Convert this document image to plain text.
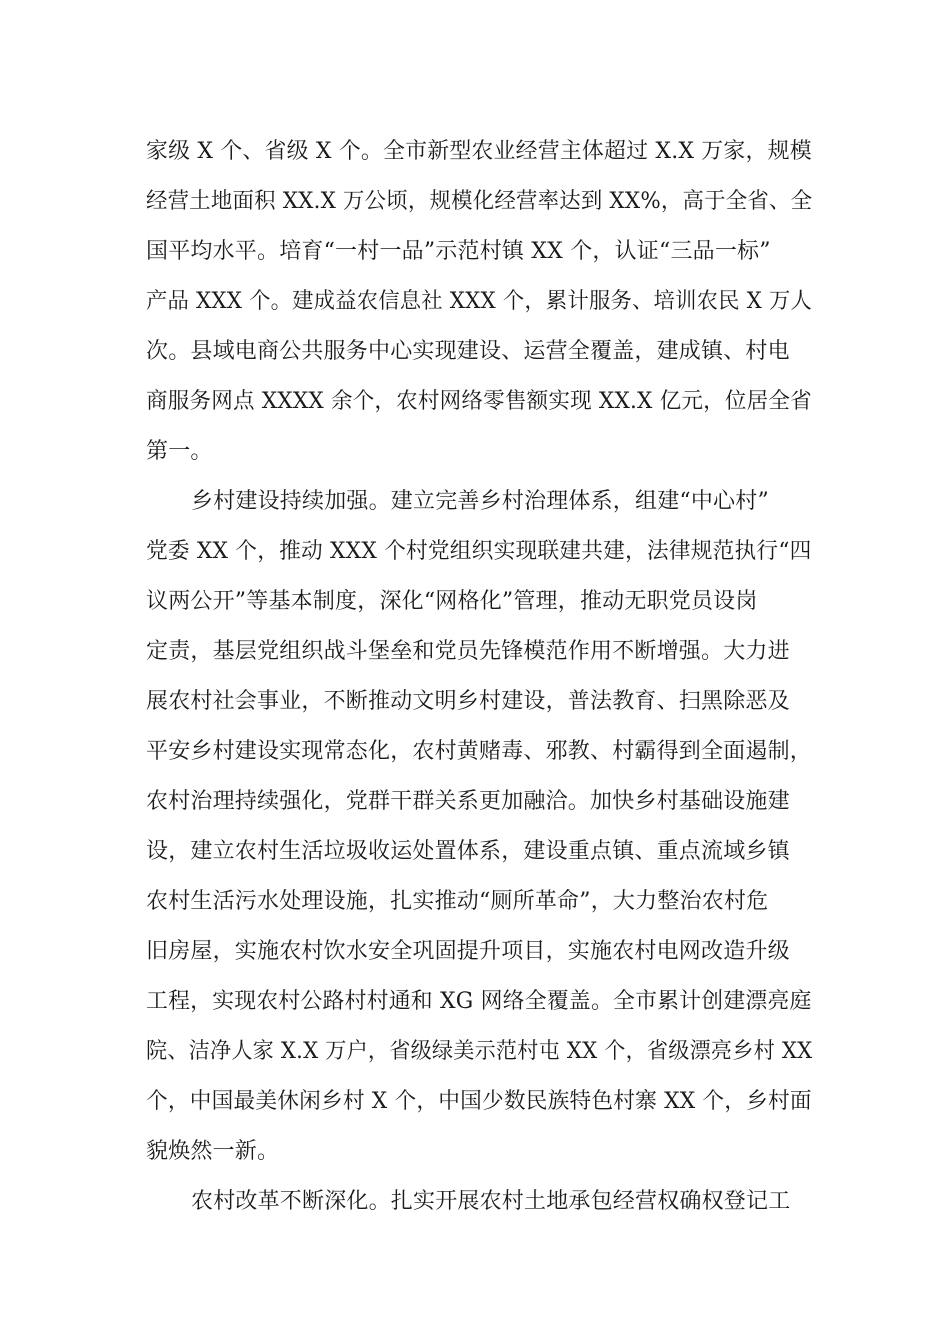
家级 X 个、省级 X 个。全市新型农业经营主体超过 X.X 万家，规模

经营土地面积 XX.X 万公顷，规模化经营率达到 XX%，高于全省、全

国平均水平。培育“一村一品”示范村镇 XX 个，认证“三品一标”

产品 XXX 个。建成益农信息社 XXX 个，累计服务、培训农民 X 万人

次。县域电商公共服务中心实现建设、运营全覆盖，建成镇、村电

商服务网点 XXXX 余个，农村网络零售额实现 XX.X 亿元，位居全省

第一。

乡村建设持续加强。建立完善乡村治理体系，组建“中心村”

党委 XX 个，推动 XXX 个村党组织实现联建共建，法律规范执行“四

议两公开”等基本制度，深化“网格化”管理，推动无职党员设岗

定责，基层党组织战斗堡垒和党员先锋模范作用不断增强。大力进

展农村社会事业，不断推动文明乡村建设，普法教育、扫黑除恶及

平安乡村建设实现常态化，农村黄赌毒、邪教、村霸得到全面遏制，

农村治理持续强化，党群干群关系更加融洽。加快乡村基础设施建

设，建立农村生活垃圾收运处置体系，建设重点镇、重点流域乡镇

农村生活污水处理设施，扎实推动“厕所革命”，大力整治农村危

旧房屋，实施农村饮水安全巩固提升项目，实施农村电网改造升级

工程，实现农村公路村村通和 XG 网络全覆盖。全市累计创建漂亮庭

院、洁净人家 X.X 万户，省级绿美示范村屯 XX 个，省级漂亮乡村 XX

个，中国最美休闲乡村 X 个，中国少数民族特色村寨 XX 个，乡村面

貌焕然一新。

农村改革不断深化。扎实开展农村土地承包经营权确权登记工
